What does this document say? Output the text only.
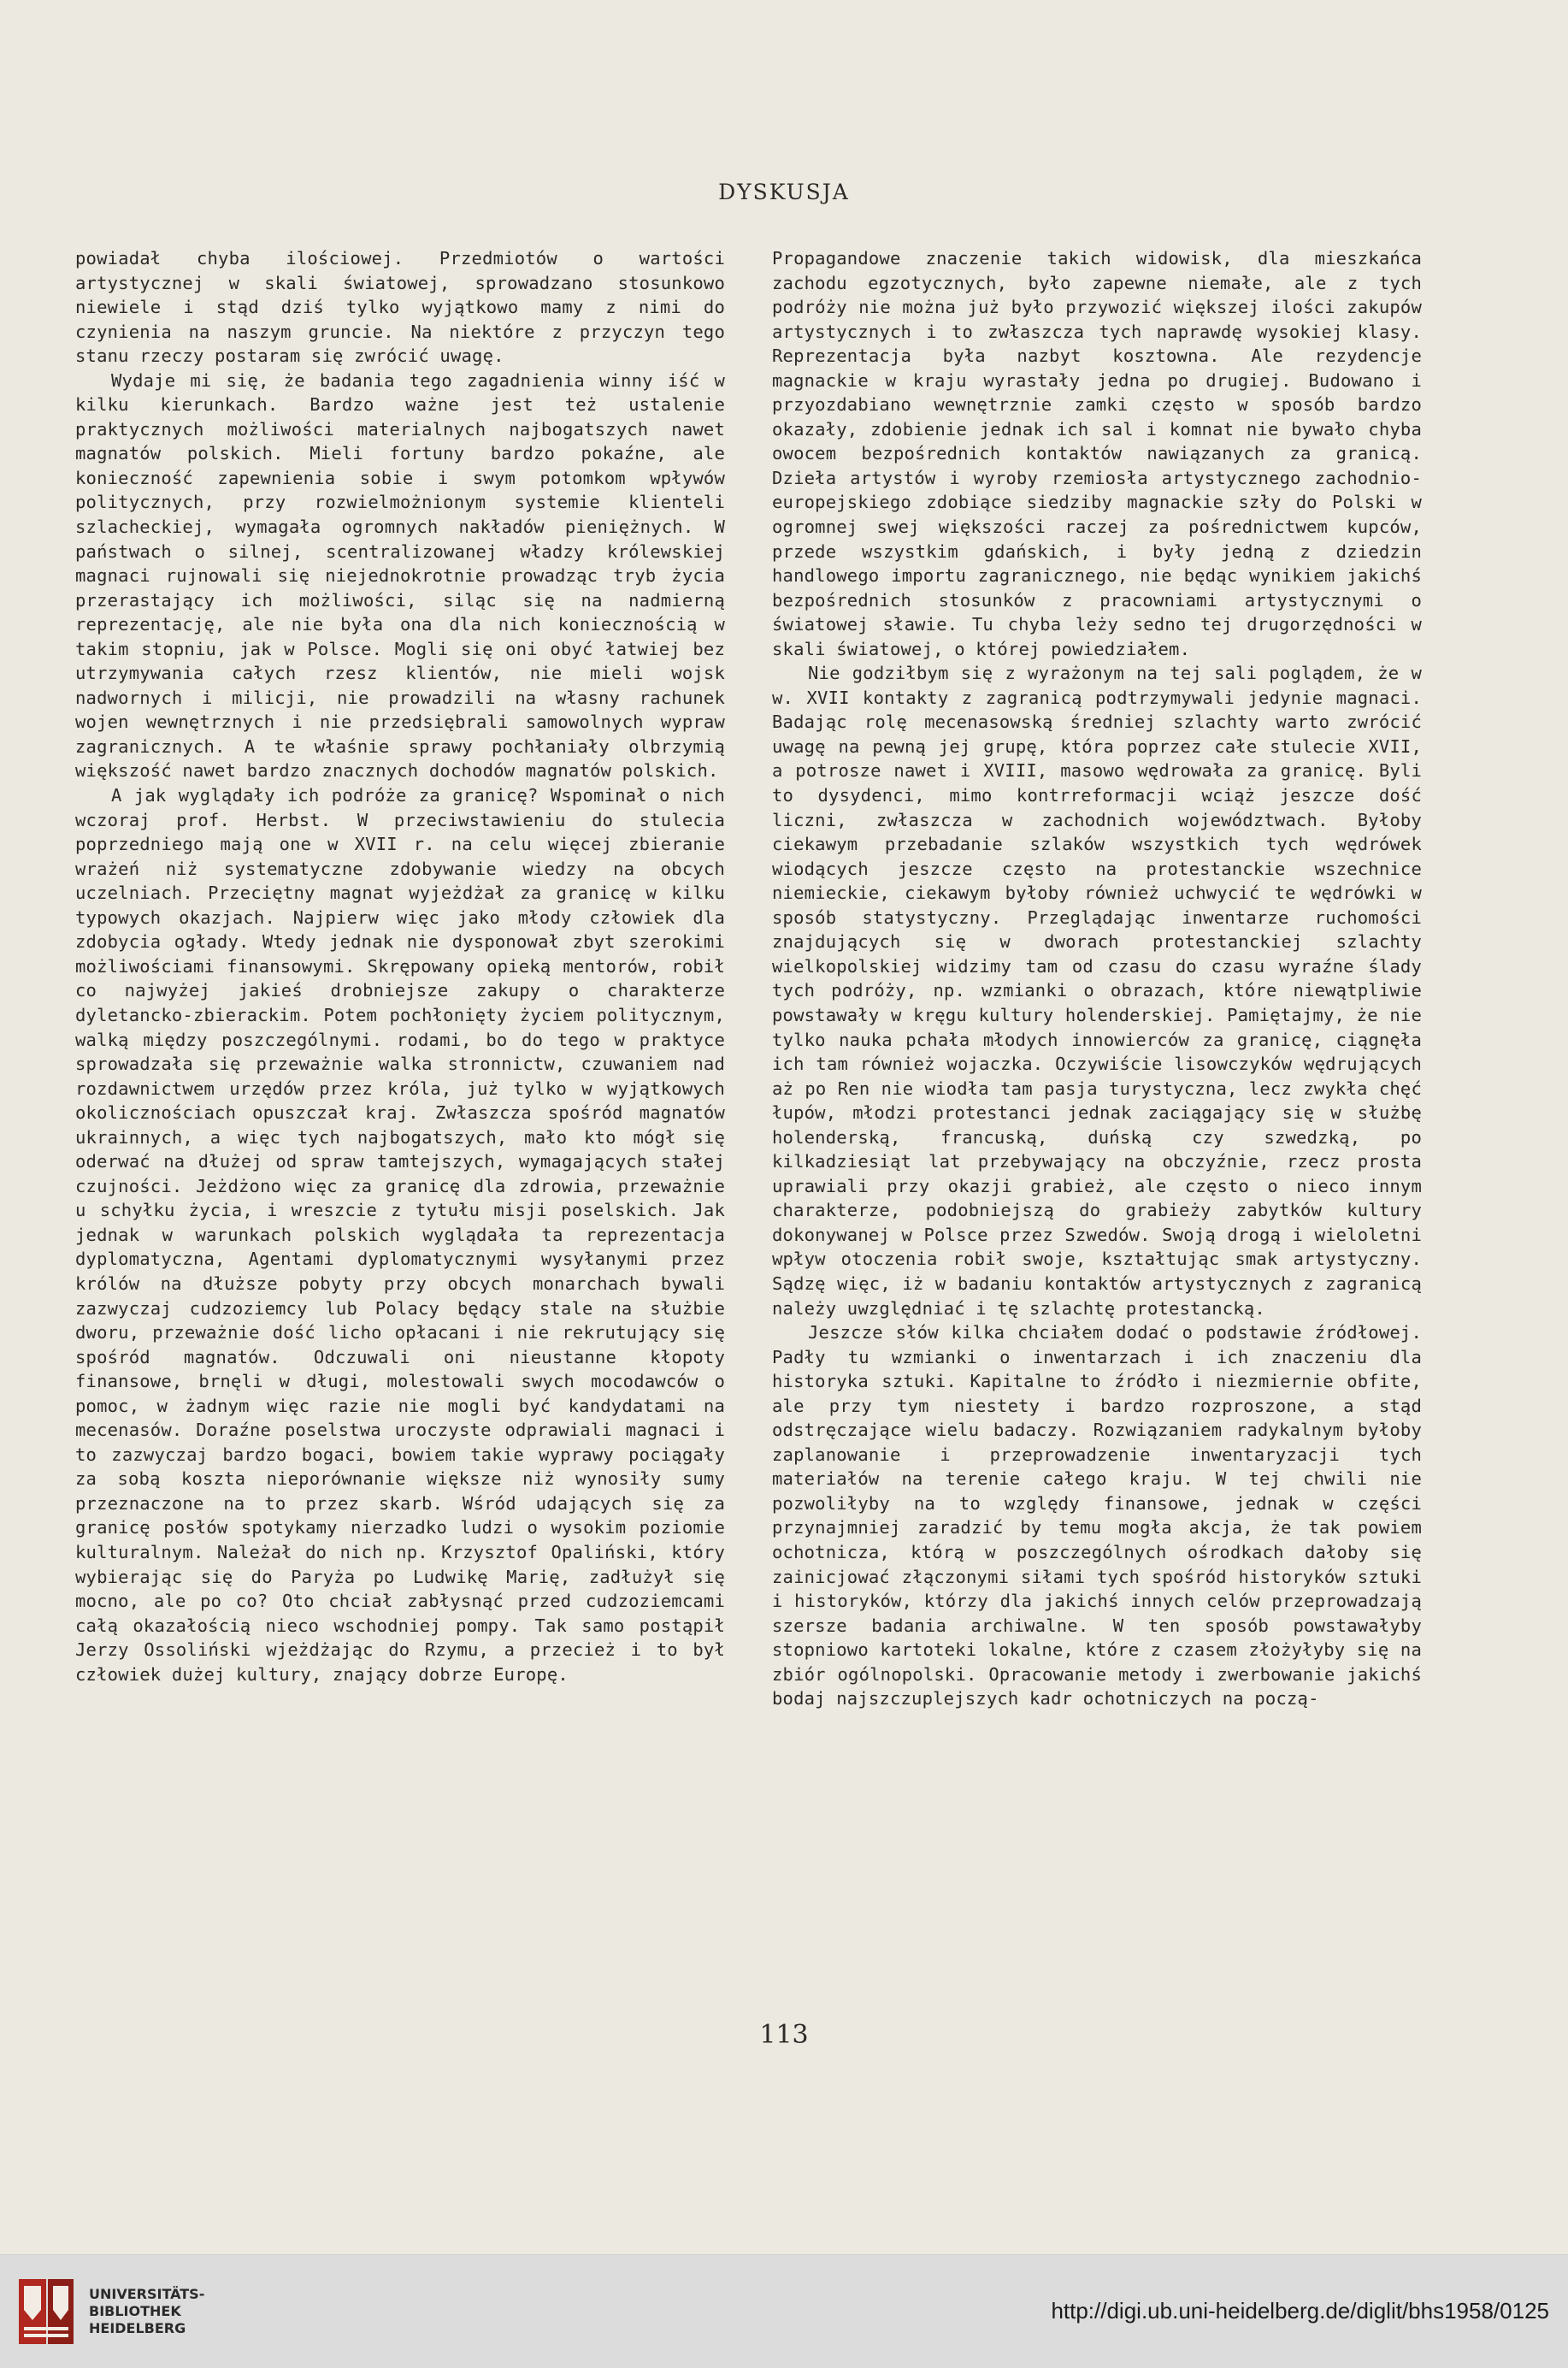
DYSKUSJA

powiadał chyba ilościowej. Przedmiotów o wartości artystycznej w skali światowej, sprowadzano stosunkowo niewiele i stąd dziś tylko wyjątkowo mamy z nimi do czynienia na naszym gruncie. Na niektóre z przyczyn tego stanu rzeczy postaram się zwrócić uwagę.

Wydaje mi się, że badania tego zagadnienia winny iść w kilku kierunkach. Bardzo ważne jest też ustalenie praktycznych możliwości materialnych najbogatszych nawet magnatów polskich. Mieli fortuny bardzo pokaźne, ale konieczność zapewnienia sobie i swym potomkom wpływów politycznych, przy rozwielmożnionym systemie klienteli szlacheckiej, wymagała ogromnych nakładów pieniężnych. W państwach o silnej, scentralizowanej władzy królewskiej magnaci rujnowali się niejednokrotnie prowadząc tryb życia przerastający ich możliwości, siląc się na nadmierną reprezentację, ale nie była ona dla nich koniecznością w takim stopniu, jak w Polsce. Mogli się oni obyć łatwiej bez utrzymywania całych rzesz klientów, nie mieli wojsk nadwornych i milicji, nie prowadzili na własny rachunek wojen wewnętrznych i nie przedsiębrali samowolnych wypraw zagranicznych. A te właśnie sprawy pochłaniały olbrzymią większość nawet bardzo znacznych dochodów magnatów polskich.

A jak wyglądały ich podróże za granicę? Wspominał o nich wczoraj prof. Herbst. W przeciwstawieniu do stulecia poprzedniego mają one w XVII r. na celu więcej zbieranie wrażeń niż systematyczne zdobywanie wiedzy na obcych uczelniach. Przeciętny magnat wyjeżdżał za granicę w kilku typowych okazjach. Najpierw więc jako młody człowiek dla zdobycia ogłady. Wtedy jednak nie dysponował zbyt szerokimi możliwościami finansowymi. Skrępowany opieką mentorów, robił co najwyżej jakieś drobniejsze zakupy o charakterze dyletancko-zbierackim. Potem pochłonięty życiem politycznym, walką między poszczególnymi. rodami, bo do tego w praktyce sprowadzała się przeważnie walka stronnictw, czuwaniem nad rozdawnictwem urzędów przez króla, już tylko w wyjątkowych okolicznościach opuszczał kraj. Zwłaszcza spośród magnatów ukrainnych, a więc tych najbogatszych, mało kto mógł się oderwać na dłużej od spraw tamtejszych, wymagających stałej czujności. Jeżdżono więc za granicę dla zdrowia, przeważnie u schyłku życia, i wreszcie z tytułu misji poselskich. Jak jednak w warunkach polskich wyglądała ta reprezentacja dyplomatyczna, Agentami dyplomatycznymi wysyłanymi przez królów na dłuższe pobyty przy obcych monarchach bywali zazwyczaj cudzoziemcy lub Polacy będący stale na służbie dworu, przeważnie dość licho opłacani i nie rekrutujący się spośród magnatów. Odczuwali oni nieustanne kłopoty finansowe, brnęli w długi, molestowali swych mocodawców o pomoc, w żadnym więc razie nie mogli być kandydatami na mecenasów. Doraźne poselstwa uroczyste odprawiali magnaci i to zazwyczaj bardzo bogaci, bowiem takie wyprawy pociągały za sobą koszta nieporównanie większe niż wynosiły sumy przeznaczone na to przez skarb. Wśród udających się za granicę posłów spotykamy nierzadko ludzi o wysokim poziomie kulturalnym. Należał do nich np. Krzysztof Opaliński, który wybierając się do Paryża po Ludwikę Marię, zadłużył się mocno, ale po co? Oto chciał zabłysnąć przed cudzoziemcami całą okazałością nieco wschodniej pompy. Tak samo postąpił Jerzy Ossoliński wjeżdżając do Rzymu, a przecież i to był człowiek dużej kultury, znający dobrze Europę.

Propagandowe znaczenie takich widowisk, dla mieszkańca zachodu egzotycznych, było zapewne niemałe, ale z tych podróży nie można już było przywozić większej ilości zakupów artystycznych i to zwłaszcza tych naprawdę wysokiej klasy. Reprezentacja była nazbyt kosztowna. Ale rezydencje magnackie w kraju wyrastały jedna po drugiej. Budowano i przyozdabiano wewnętrznie zamki często w sposób bardzo okazały, zdobienie jednak ich sal i komnat nie bywało chyba owocem bezpośrednich kontaktów nawiązanych za granicą. Dzieła artystów i wyroby rzemiosła artystycznego zachodnio-europejskiego zdobiące siedziby magnackie szły do Polski w ogromnej swej większości raczej za pośrednictwem kupców, przede wszystkim gdańskich, i były jedną z dziedzin handlowego importu zagranicznego, nie będąc wynikiem jakichś bezpośrednich stosunków z pracowniami artystycznymi o światowej sławie. Tu chyba leży sedno tej drugorzędności w skali światowej, o której powiedziałem.

Nie godziłbym się z wyrażonym na tej sali poglądem, że w w. XVII kontakty z zagranicą podtrzymywali jedynie magnaci. Badając rolę mecenasowską średniej szlachty warto zwrócić uwagę na pewną jej grupę, która poprzez całe stulecie XVII, a potrosze nawet i XVIII, masowo wędrowała za granicę. Byli to dysydenci, mimo kontrreformacji wciąż jeszcze dość liczni, zwłaszcza w zachodnich województwach. Byłoby ciekawym przebadanie szlaków wszystkich tych wędrówek wiodących jeszcze często na protestanckie wszechnice niemieckie, ciekawym byłoby również uchwycić te wędrówki w sposób statystyczny. Przeglądając inwentarze ruchomości znajdujących się w dworach protestanckiej szlachty wielkopolskiej widzimy tam od czasu do czasu wyraźne ślady tych podróży, np. wzmianki o obrazach, które niewątpliwie powstawały w kręgu kultury holenderskiej. Pamiętajmy, że nie tylko nauka pchała młodych innowierców za granicę, ciągnęła ich tam również wojaczka. Oczywiście lisowczyków wędrujących aż po Ren nie wiodła tam pasja turystyczna, lecz zwykła chęć łupów, młodzi protestanci jednak zaciągający się w służbę holenderską, francuską, duńską czy szwedzką, po kilkadziesiąt lat przebywający na obczyźnie, rzecz prosta uprawiali przy okazji grabież, ale często o nieco innym charakterze, podobniejszą do grabieży zabytków kultury dokonywanej w Polsce przez Szwedów. Swoją drogą i wieloletni wpływ otoczenia robił swoje, kształtując smak artystyczny. Sądzę więc, iż w badaniu kontaktów artystycznych z zagranicą należy uwzględniać i tę szlachtę protestancką.

Jeszcze słów kilka chciałem dodać o podstawie źródłowej. Padły tu wzmianki o inwentarzach i ich znaczeniu dla historyka sztuki. Kapitalne to źródło i niezmiernie obfite, ale przy tym niestety i bardzo rozproszone, a stąd odstręczające wielu badaczy. Rozwiązaniem radykalnym byłoby zaplanowanie i przeprowadzenie inwentaryzacji tych materiałów na terenie całego kraju. W tej chwili nie pozwoliłyby na to względy finansowe, jednak w części przynajmniej zaradzić by temu mogła akcja, że tak powiem ochotnicza, którą w poszczególnych ośrodkach dałoby się zainicjować złączonymi siłami tych spośród historyków sztuki i historyków, którzy dla jakichś innych celów przeprowadzają szersze badania archiwalne. W ten sposób powstawałyby stopniowo kartoteki lokalne, które z czasem złożyłyby się na zbiór ogólnopolski. Opracowanie metody i zwerbowanie jakichś bodaj najszczuplejszych kadr ochotniczych na począ-

113
UNIVERSITÄTS-
BIBLIOTHEK
HEIDELBERG
http://digi.ub.uni-heidelberg.de/diglit/bhs1958/0125
